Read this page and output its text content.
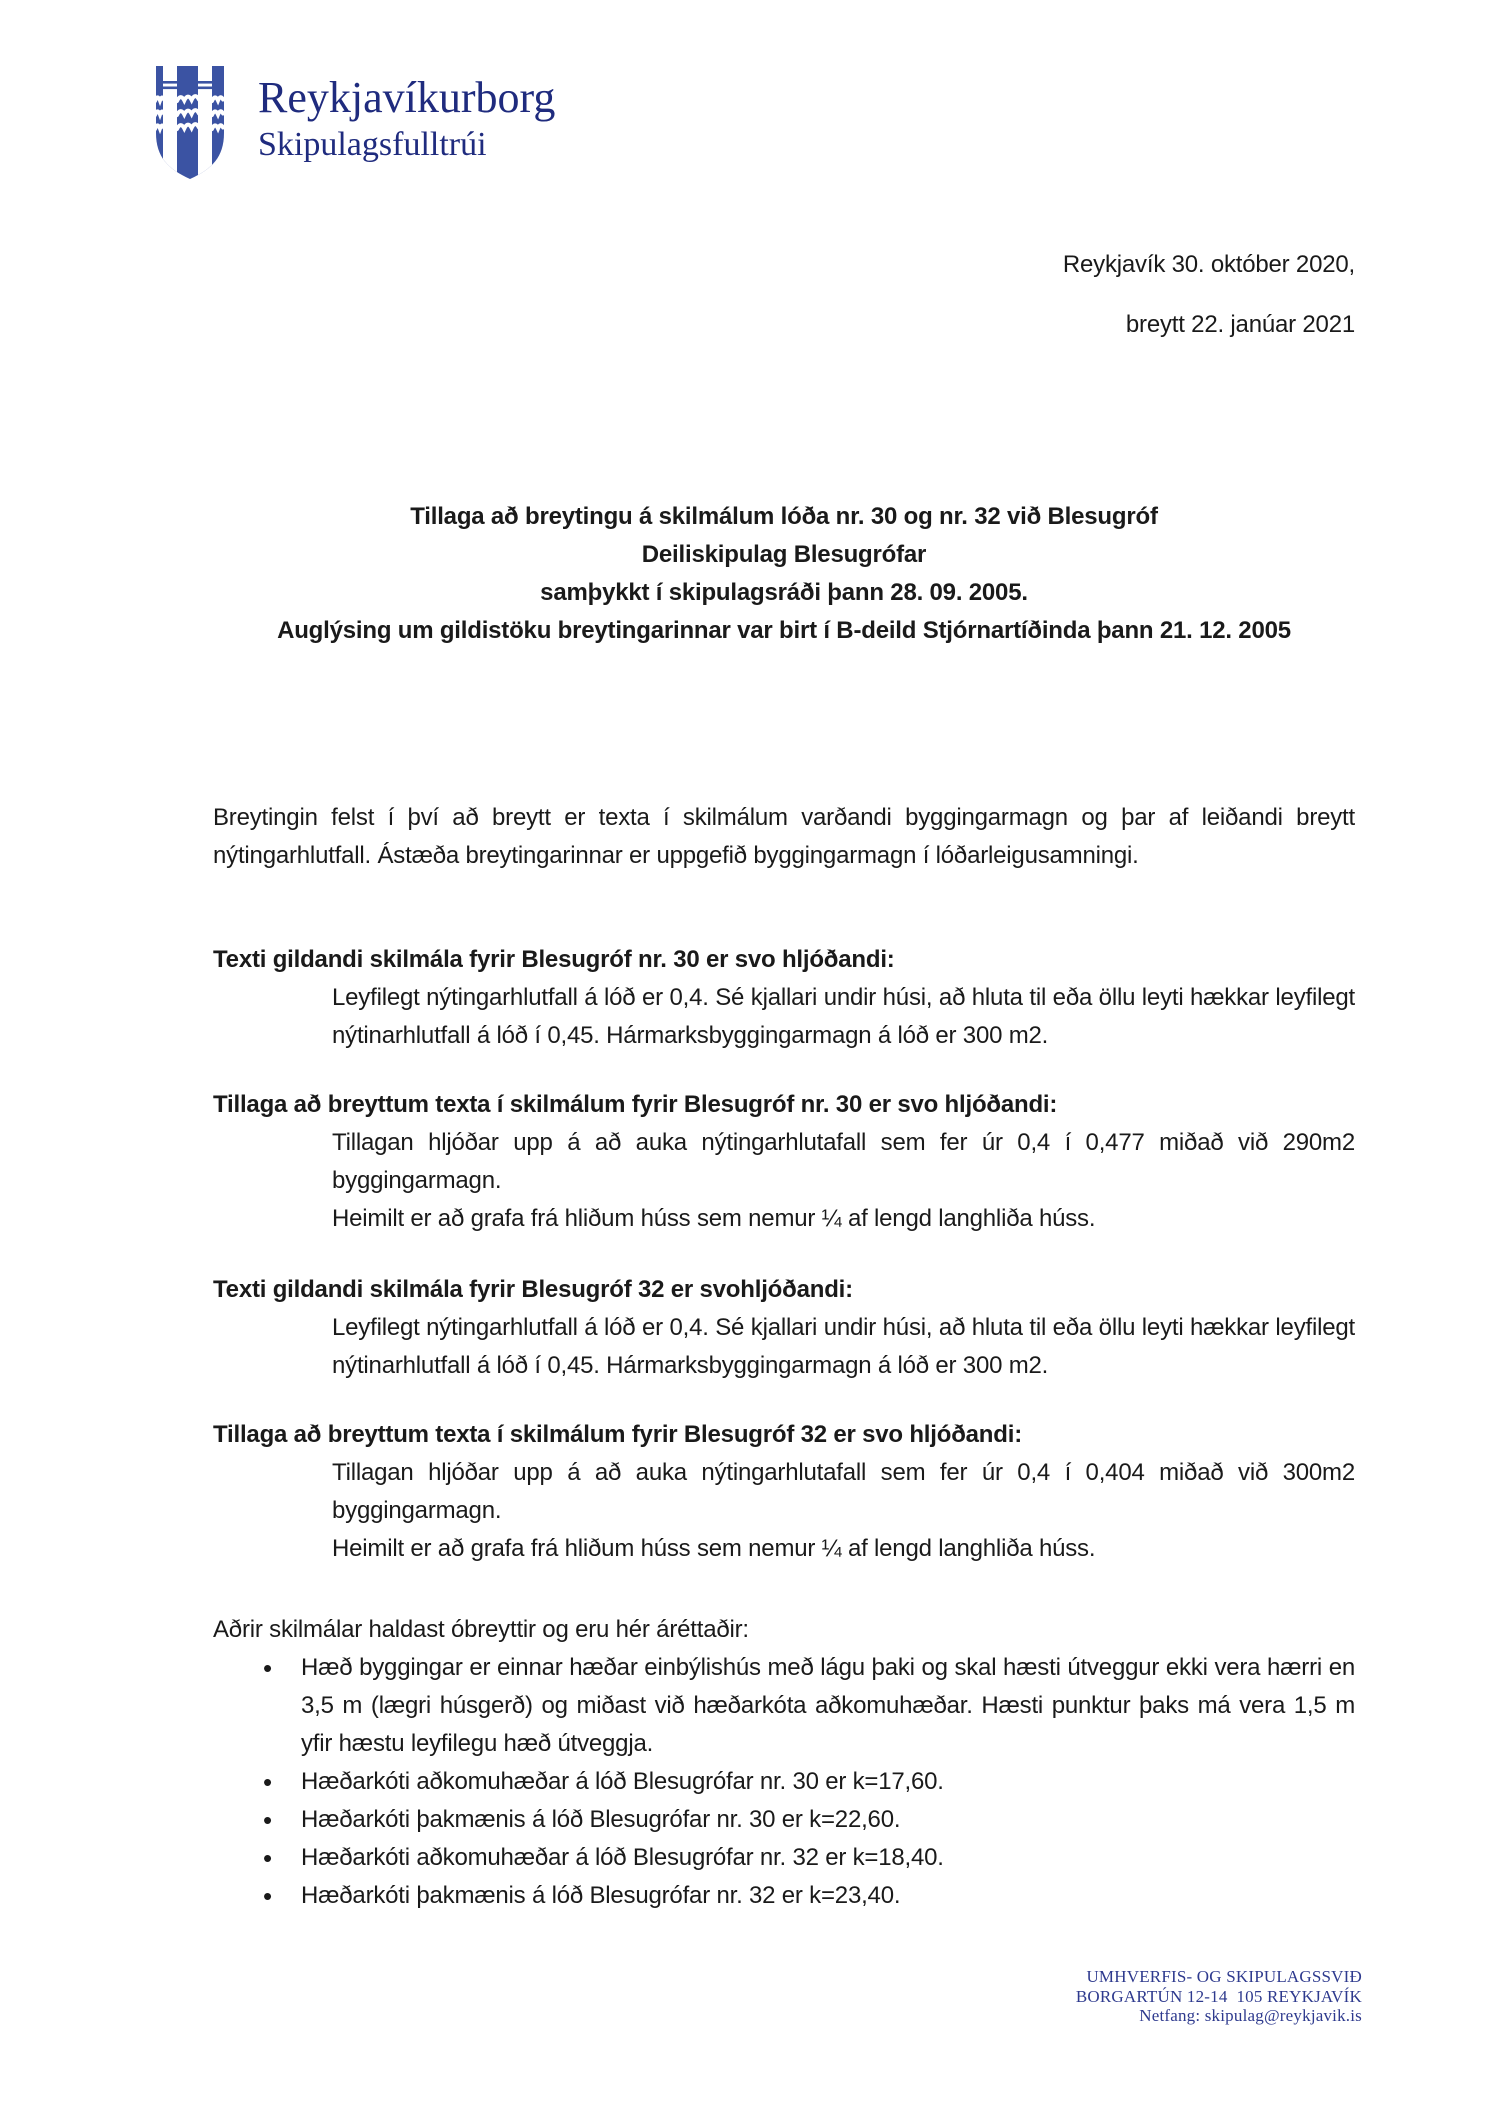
Reykjavíkurborg
Skipulagsfulltrúi

Reykjavík 30. október 2020,

breytt 22. janúar 2021

Tillaga að breytingu á skilmálum lóða nr. 30 og nr. 32 við Blesugróf

Deiliskipulag Blesugrófar

samþykkt í skipulagsráði þann 28. 09. 2005.

Auglýsing um gildistöku breytingarinnar var birt í B-deild Stjórnartíðinda þann 21. 12. 2005

Breytingin felst í því að breytt er texta í skilmálum varðandi byggingarmagn og þar af leiðandi breytt nýtingarhlutfall. Ástæða breytingarinnar er uppgefið byggingarmagn í lóðarleigusamningi.

Texti gildandi skilmála fyrir Blesugróf nr. 30 er svo hljóðandi:

Leyfilegt nýtingarhlutfall á lóð er 0,4. Sé kjallari undir húsi, að hluta til eða öllu leyti hækkar leyfilegt nýtinarhlutfall á lóð í 0,45. Hármarksbyggingarmagn á lóð er 300 m2.

Tillaga að breyttum texta í skilmálum fyrir Blesugróf nr. 30 er svo hljóðandi:

Tillagan hljóðar upp á að auka nýtingarhlutafall sem fer úr 0,4 í 0,477 miðað við 290m2 byggingarmagn.

Heimilt er að grafa frá hliðum húss sem nemur ¼ af lengd langhliða húss.

Texti gildandi skilmála fyrir Blesugróf 32 er svohljóðandi:

Leyfilegt nýtingarhlutfall á lóð er 0,4. Sé kjallari undir húsi, að hluta til eða öllu leyti hækkar leyfilegt nýtinarhlutfall á lóð í 0,45. Hármarksbyggingarmagn á lóð er 300 m2.

Tillaga að breyttum texta í skilmálum fyrir Blesugróf 32 er svo hljóðandi:

Tillagan hljóðar upp á að auka nýtingarhlutafall sem fer úr 0,4 í 0,404 miðað við 300m2 byggingarmagn.

Heimilt er að grafa frá hliðum húss sem nemur ¼ af lengd langhliða húss.

Aðrir skilmálar haldast óbreyttir og eru hér áréttaðir:

• Hæð byggingar er einnar hæðar einbýlishús með lágu þaki og skal hæsti útveggur ekki vera hærri en 3,5 m (lægri húsgerð) og miðast við hæðarkóta aðkomuhæðar. Hæsti punktur þaks má vera 1,5 m yfir hæstu leyfilegu hæð útveggja.
• Hæðarkóti aðkomuhæðar á lóð Blesugrófar nr. 30 er k=17,60.
• Hæðarkóti þakmænis á lóð Blesugrófar nr. 30 er k=22,60.
• Hæðarkóti aðkomuhæðar á lóð Blesugrófar nr. 32 er k=18,40.
• Hæðarkóti þakmænis á lóð Blesugrófar nr. 32 er k=23,40.

UMHVERFIS- OG SKIPULAGSSVIÐ

BORGARTÚN 12-14  105 REYKJAVÍK

Netfang: skipulag@reykjavik.is
